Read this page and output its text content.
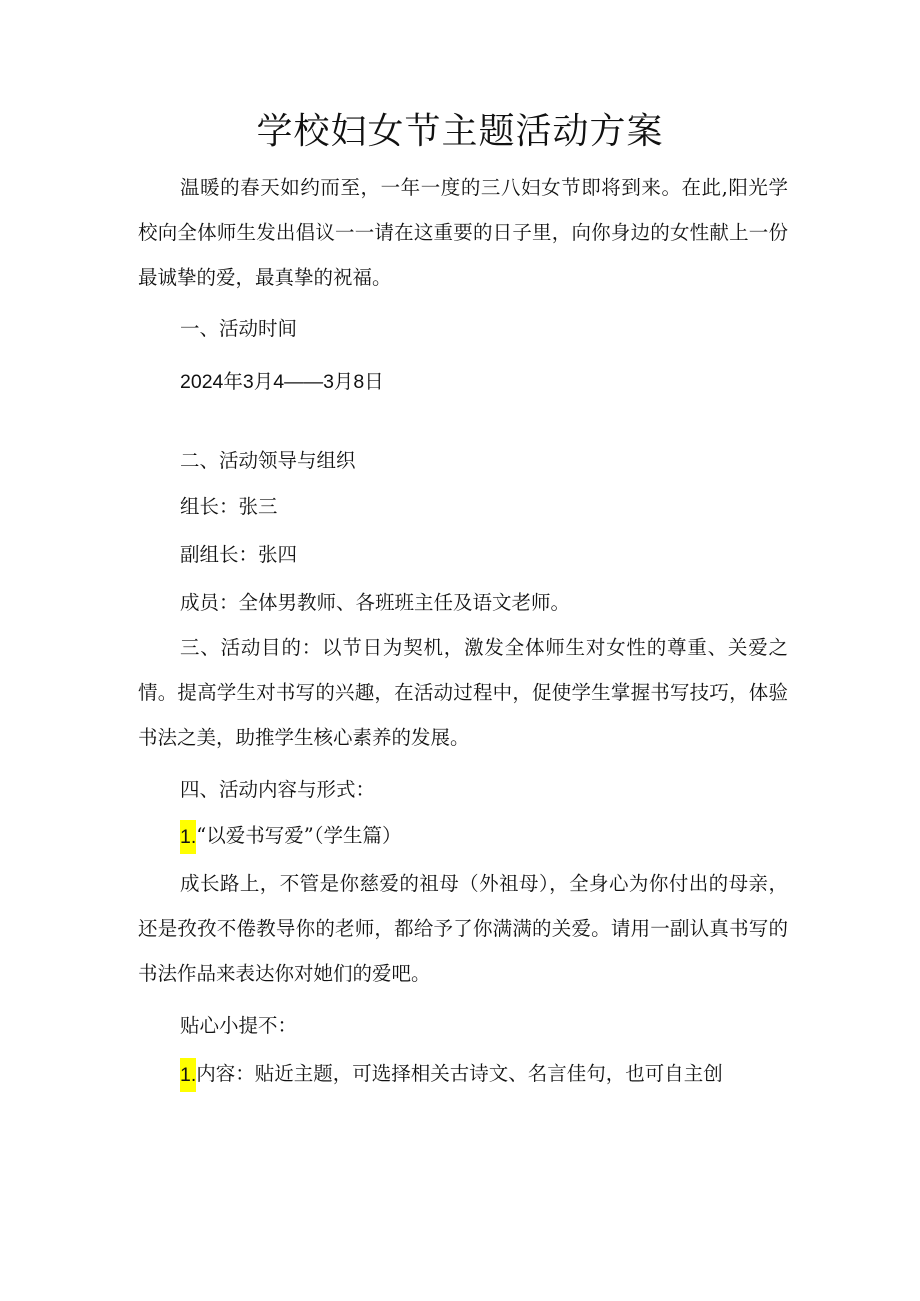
学校妇女节主题活动方案

温暖的春天如约而至，一年一度的三八妇女节即将到来。在此,阳光学校向全体师生发出倡议一一请在这重要的日子里，向你身边的女性献上一份最诚挚的爱，最真挚的祝福。

一、活动时间

2024年3月4——3月8日

二、活动领导与组织

组长：张三

副组长：张四

成员：全体男教师、各班班主任及语文老师。

三、活动目的：以节日为契机，激发全体师生对女性的尊重、关爱之情。提高学生对书写的兴趣，在活动过程中，促使学生掌握书写技巧，体验书法之美，助推学生核心素养的发展。

四、活动内容与形式：

1.“以爱书写爱”（学生篇）

成长路上，不管是你慈爱的祖母（外祖母），全身心为你付出的母亲，还是孜孜不倦教导你的老师，都给予了你满满的关爱。请用一副认真书写的书法作品来表达你对她们的爱吧。

贴心小提不：

1.内容：贴近主题，可选择相关古诗文、名言佳句，也可自主创
